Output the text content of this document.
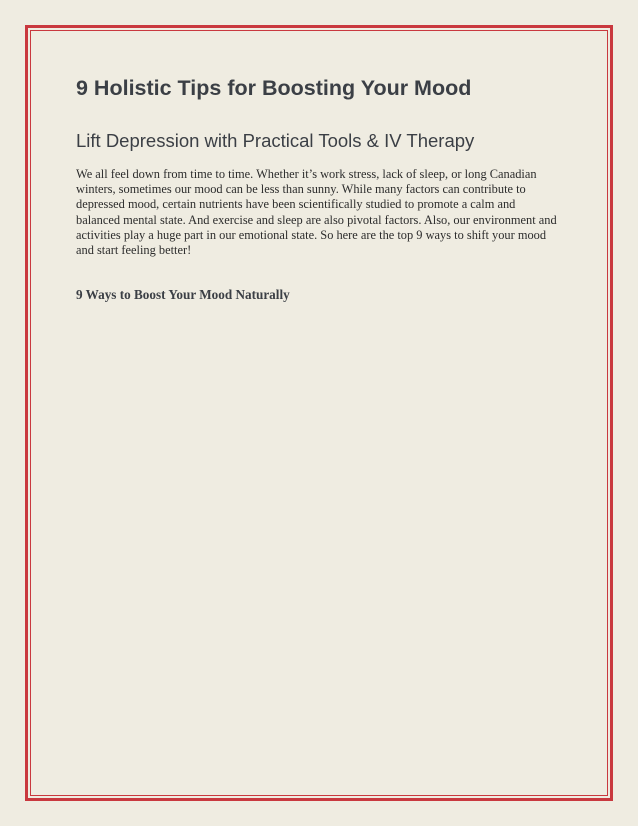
9 Holistic Tips for Boosting Your Mood
Lift Depression with Practical Tools & IV Therapy

We all feel down from time to time. Whether it’s work stress, lack of sleep, or long Canadian
winters, sometimes our mood can be less than sunny. While many factors can contribute to
depressed mood, certain nutrients have been scientifically studied to promote a calm and
balanced mental state. And exercise and sleep are also pivotal factors. Also, our environment and
activities play a huge part in our emotional state. So here are the top 9 ways to shift your mood
and start feeling better!

9 Ways to Boost Your Mood Naturally
